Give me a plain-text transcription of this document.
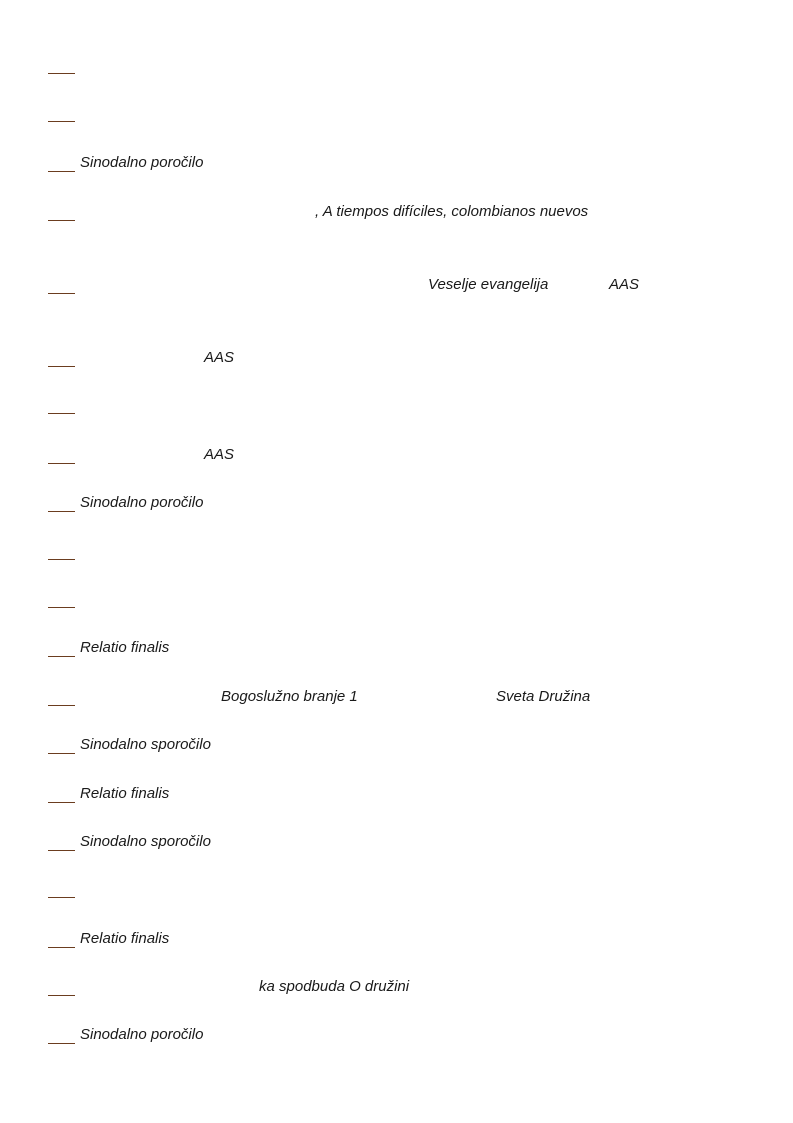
Sinodalno poročilo
, A tiempos difíciles, colombianos nuevos
Veselje evangelija	AAS
AAS
AAS
Sinodalno poročilo
Relatio finalis
Bogoslužno branje 1	Sveta Družina
Sinodalno sporočilo
Relatio finalis
Sinodalno sporočilo
Relatio finalis
ka spodbuda O družini
Sinodalno poročilo
